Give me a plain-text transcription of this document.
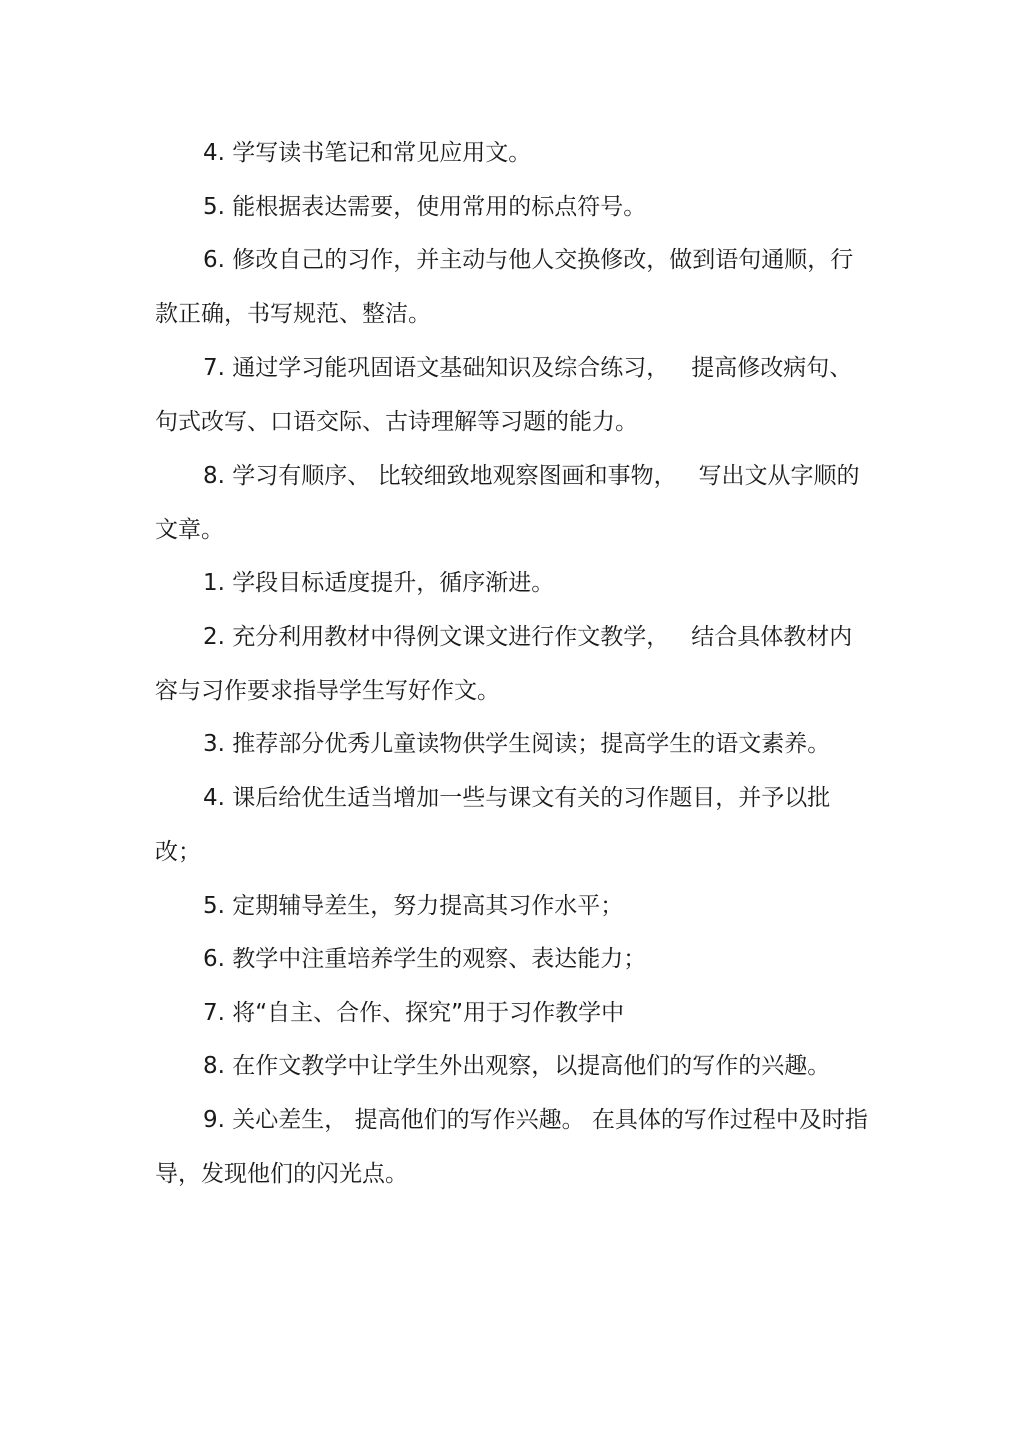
4. 学写读书笔记和常见应用文。

5. 能根据表达需要，使用常用的标点符号。

6. 修改自己的习作，并主动与他人交换修改，做到语句通顺，行款正确，书写规范、整洁。

7. 通过学习能巩固语文基础知识及综合练习，   提高修改病句、 句式改写、口语交际、古诗理解等习题的能力。

8. 学习有顺序、 比较细致地观察图画和事物，   写出文从字顺的文章。

1. 学段目标适度提升，循序渐进。

2. 充分利用教材中得例文课文进行作文教学，   结合具体教材内容与习作要求指导学生写好作文。

3. 推荐部分优秀儿童读物供学生阅读；提高学生的语文素养。

4. 课后给优生适当增加一些与课文有关的习作题目，并予以批改；

5. 定期辅导差生，努力提高其习作水平；

6. 教学中注重培养学生的观察、表达能力；

7. 将“自主、合作、探究”用于习作教学中

8. 在作文教学中让学生外出观察，以提高他们的写作的兴趣。

9. 关心差生， 提高他们的写作兴趣。 在具体的写作过程中及时指导，发现他们的闪光点。
